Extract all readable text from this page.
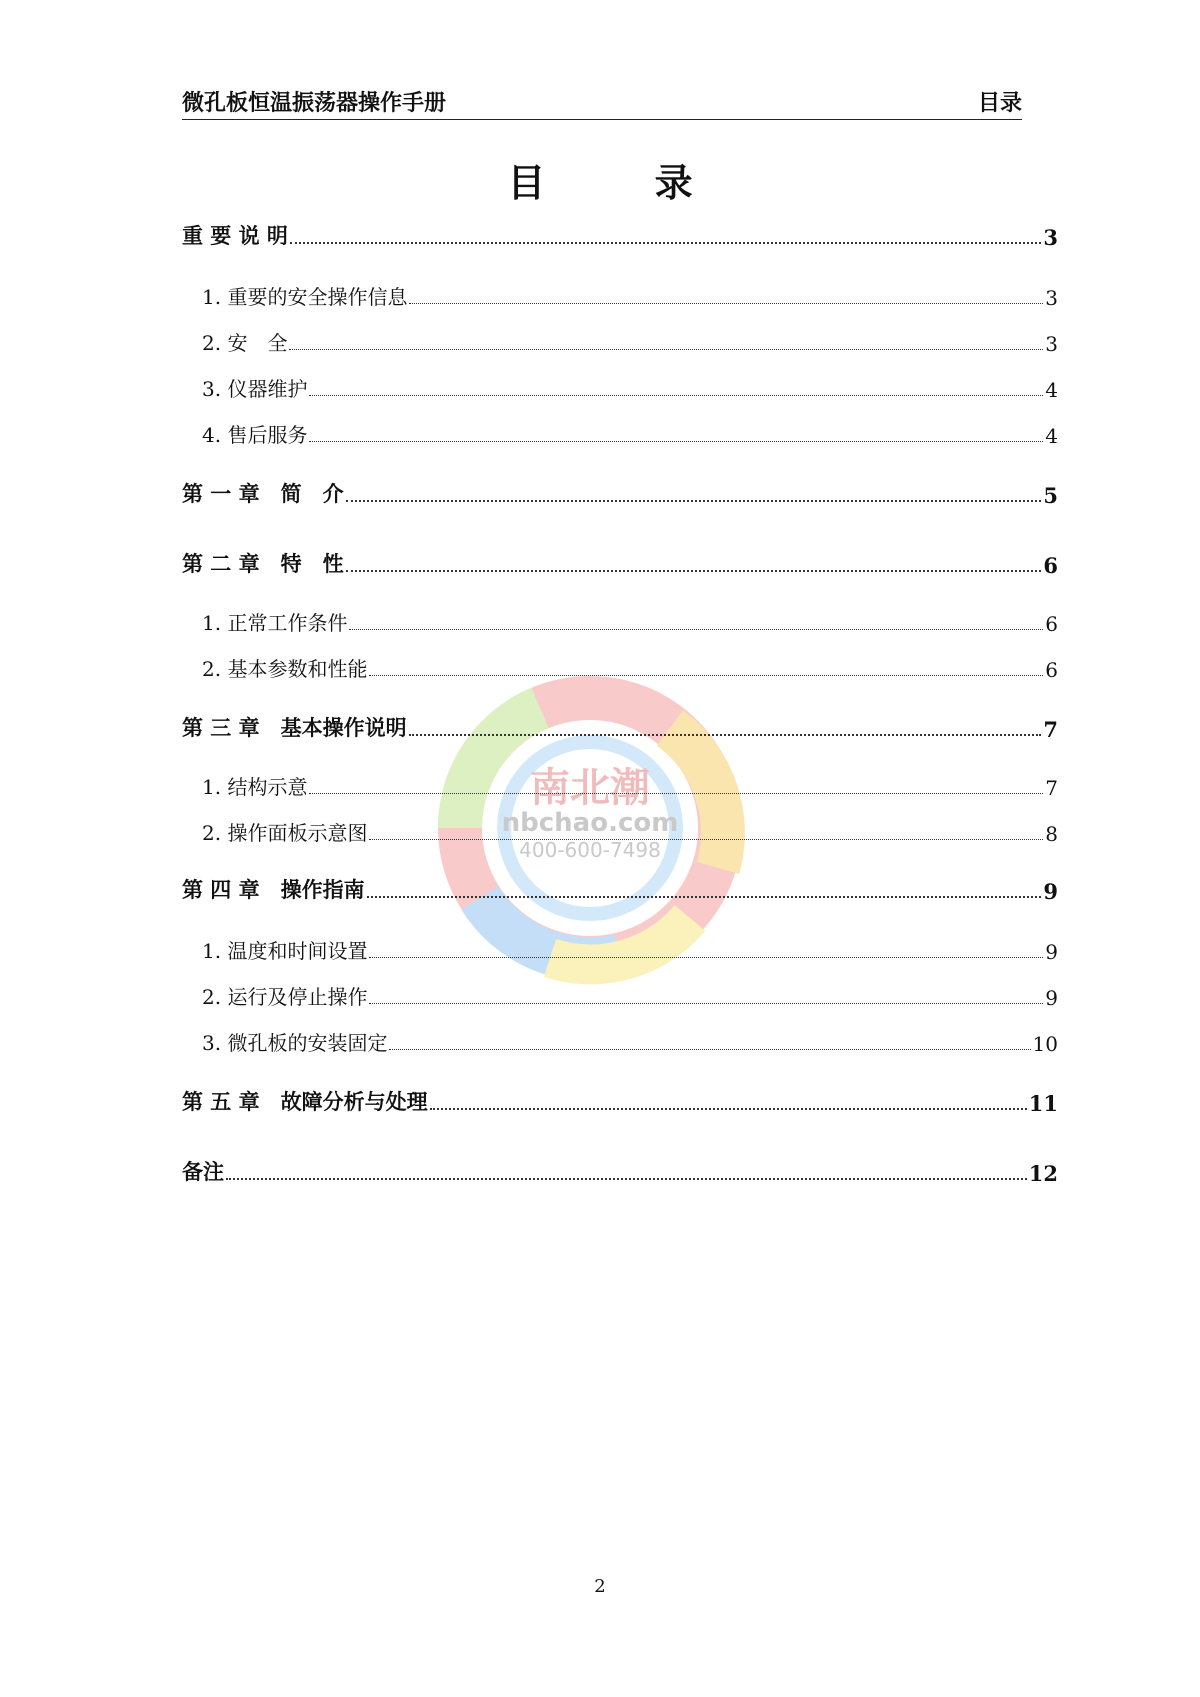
微孔板恒温振荡器操作手册	目录
目	录
南北潮
nbchao.com
400-600-7498
重 要 说 明	3
1. 重要的安全操作信息	3
2. 安　全	3
3. 仪器维护	4
4. 售后服务	4
第 一 章　简　介	5
第 二 章　特　性	6
1. 正常工作条件	6
2. 基本参数和性能	6
第 三 章　基本操作说明	7
1. 结构示意	7
2. 操作面板示意图	8
第 四 章　操作指南	9
1. 温度和时间设置	9
2. 运行及停止操作	9
3. 微孔板的安装固定	10
第 五 章　故障分析与处理	11
备注	12
2
